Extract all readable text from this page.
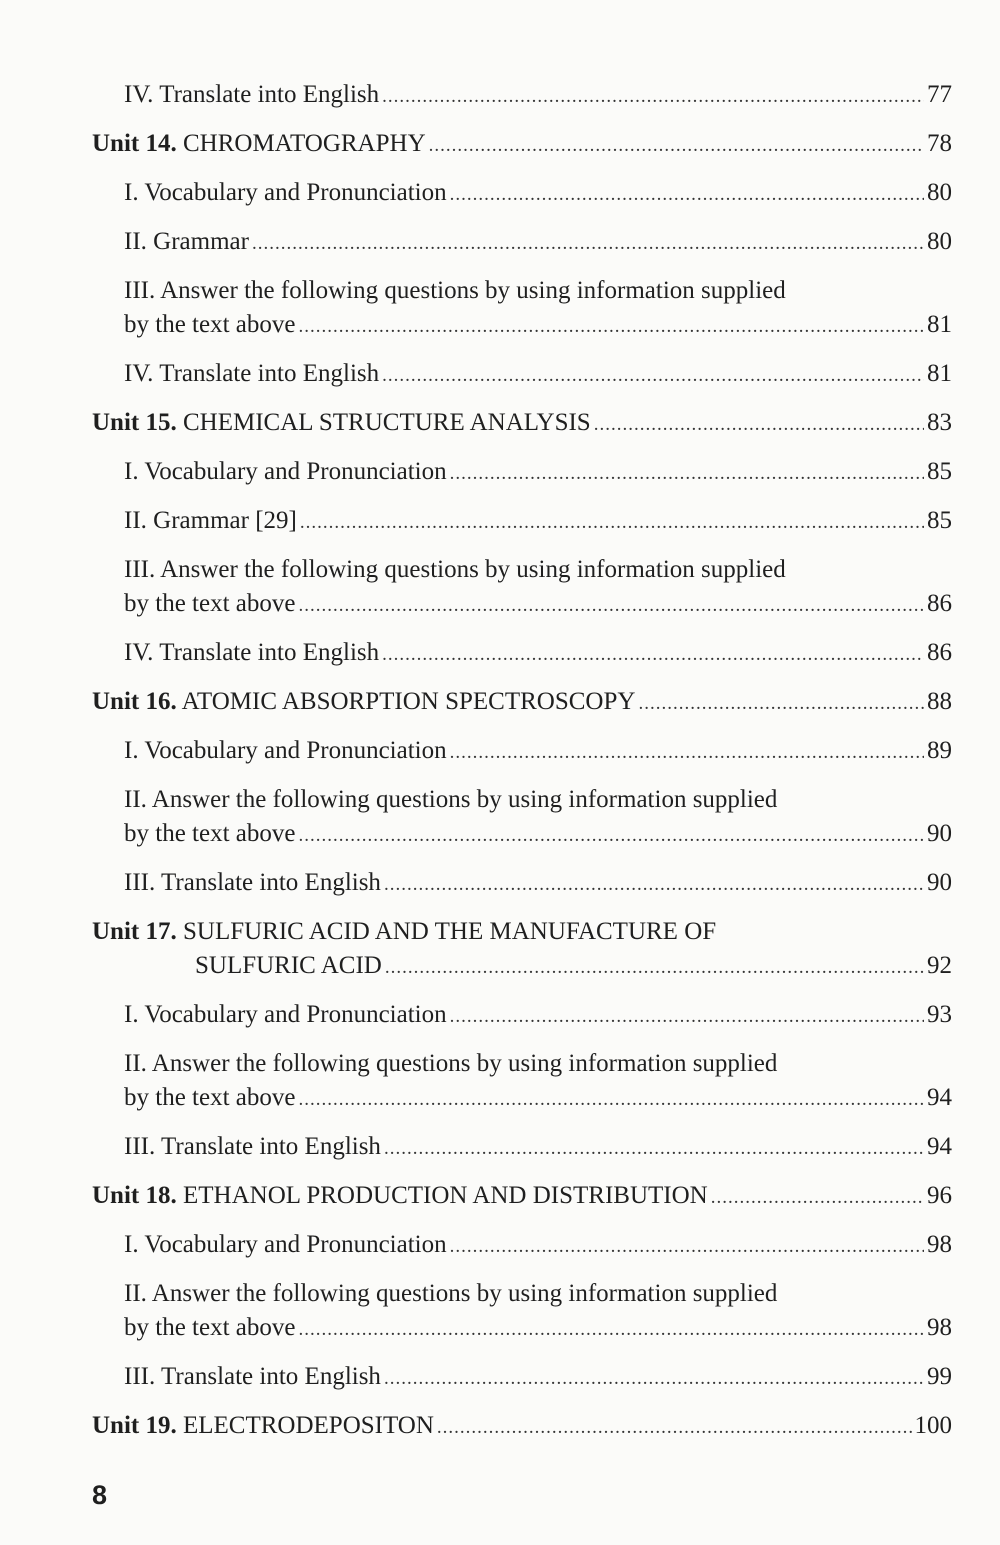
IV. Translate into English .....	77
Unit 14. CHROMATOGRAPHY .....	78
I. Vocabulary and Pronunciation .....	80
II. Grammar .....	80
III. Answer the following questions by using information supplied
by the text above .....	81
IV. Translate into English .....	81
Unit 15. CHEMICAL STRUCTURE ANALYSIS .....	83
I. Vocabulary and Pronunciation .....	85
II. Grammar [29] .....	85
III. Answer the following questions by using information supplied
by the text above .....	86
IV. Translate into English .....	86
Unit 16. ATOMIC ABSORPTION SPECTROSCOPY .....	88
I. Vocabulary and Pronunciation .....	89
II. Answer the following questions by using information supplied
by the text above .....	90
III. Translate into English .....	90
Unit 17. SULFURIC ACID AND THE MANUFACTURE OF
SULFURIC ACID .....	92
I. Vocabulary and Pronunciation .....	93
II. Answer the following questions by using information supplied
by the text above .....	94
III. Translate into English .....	94
Unit 18. ETHANOL PRODUCTION AND DISTRIBUTION .....	96
I. Vocabulary and Pronunciation .....	98
II. Answer the following questions by using information supplied
by the text above .....	98
III. Translate into English .....	99
Unit 19. ELECTRODEPOSITON .....	100
8
